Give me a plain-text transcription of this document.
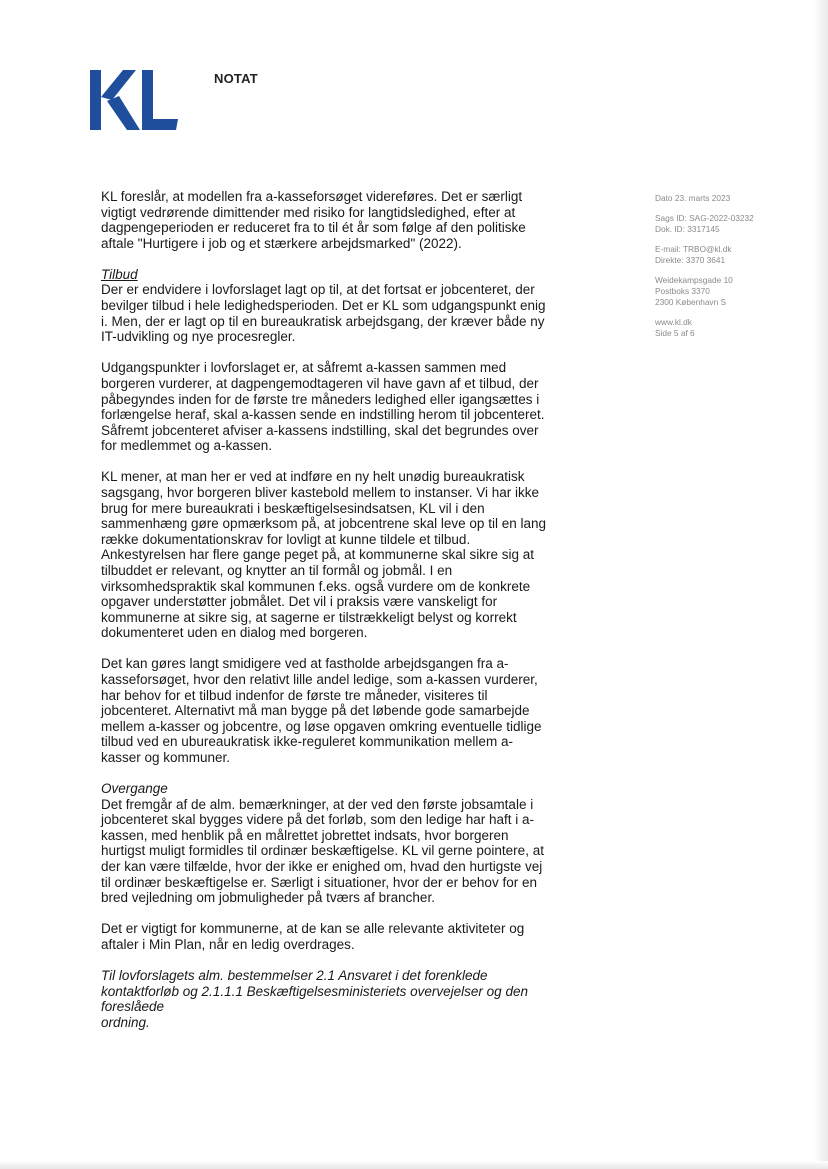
NOTAT

KL foreslår, at modellen fra a-kasseforsøget videreføres. Det er særligt vigtigt vedrørende dimittender med risiko for langtidsledighed, efter at dagpengeperioden er reduceret fra to til ét år som følge af den politiske aftale "Hurtigere i job og et stærkere arbejdsmarked" (2022).

Tilbud
Der er endvidere i lovforslaget lagt op til, at det fortsat er jobcenteret, der bevilger tilbud i hele ledighedsperioden. Det er KL som udgangspunkt enig i. Men, der er lagt op til en bureaukratisk arbejdsgang, der kræver både ny IT-udvikling og nye procesregler.

Udgangspunkter i lovforslaget er, at såfremt a-kassen sammen med borgeren vurderer, at dagpengemodtageren vil have gavn af et tilbud, der påbegyndes inden for de første tre måneders ledighed eller igangsættes i forlængelse heraf, skal a-kassen sende en indstilling herom til jobcenteret. Såfremt jobcenteret afviser a-kassens indstilling, skal det begrundes over for medlemmet og a-kassen.

KL mener, at man her er ved at indføre en ny helt unødig bureaukratisk sagsgang, hvor borgeren bliver kastebold mellem to instanser. Vi har ikke brug for mere bureaukrati i beskæftigelsesindsatsen, KL vil i den sammenhæng gøre opmærksom på, at jobcentrene skal leve op til en lang række dokumentationskrav for lovligt at kunne tildele et tilbud. Ankestyrelsen har flere gange peget på, at kommunerne skal sikre sig at tilbuddet er relevant, og knytter an til formål og jobmål. I en virksomhedspraktik skal kommunen f.eks. også vurdere om de konkrete opgaver understøtter jobmålet. Det vil i praksis være vanskeligt for kommunerne at sikre sig, at sagerne er tilstrækkeligt belyst og korrekt dokumenteret uden en dialog med borgeren.

Det kan gøres langt smidigere ved at fastholde arbejdsgangen fra a-kasseforsøget, hvor den relativt lille andel ledige, som a-kassen vurderer, har behov for et tilbud indenfor de første tre måneder, visiteres til jobcenteret. Alternativt må man bygge på det løbende gode samarbejde mellem a-kasser og jobcentre, og løse opgaven omkring eventuelle tidlige tilbud ved en ubureaukratisk ikke-reguleret kommunikation mellem a-kasser og kommuner.

Overgange
Det fremgår af de alm. bemærkninger, at der ved den første jobsamtale i jobcenteret skal bygges videre på det forløb, som den ledige har haft i a-kassen, med henblik på en målrettet jobrettet indsats, hvor borgeren hurtigst muligt formidles til ordinær beskæftigelse. KL vil gerne pointere, at der kan være tilfælde, hvor der ikke er enighed om, hvad den hurtigste vej til ordinær beskæftigelse er. Særligt i situationer, hvor der er behov for en bred vejledning om jobmuligheder på tværs af brancher.

Det er vigtigt for kommunerne, at de kan se alle relevante aktiviteter og aftaler i Min Plan, når en ledig overdrages.

Til lovforslagets alm. bestemmelser 2.1 Ansvaret i det forenklede kontaktforløb og 2.1.1.1 Beskæftigelsesministeriets overvejelser og den foreslåede
ordning.

Dato 23. marts 2023
Sags ID: SAG-2022-03232
Dok. ID: 3317145
E-mail: TRBO@kl.dk
Direkte: 3370 3641
Weidekampsgade 10
Postboks 3370
2300 København S
www.kl.dk
Side 5 af 6
